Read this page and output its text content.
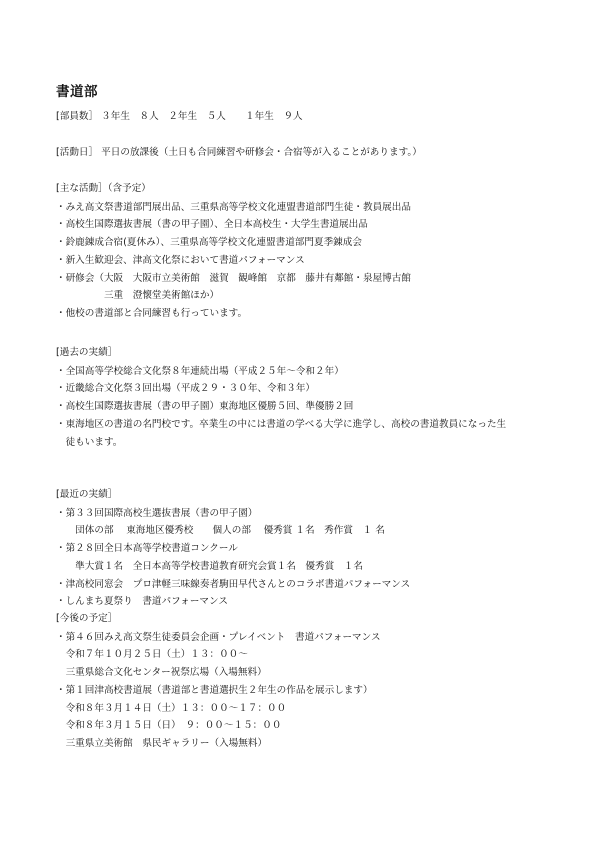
書道部
[部員数］ ３年生　８人　２年生　５人　　１年生　９人
[活動日］ 平日の放課後（土日も合同練習や研修会・合宿等が入ることがあります。）
[主な活動］（含予定）
・みえ高文祭書道部門展出品、三重県高等学校文化連盟書道部門生徒・教員展出品
・高校生国際選抜書展（書の甲子園）、全日本高校生・大学生書道展出品
・鈴鹿錬成合宿(夏休み）、三重県高等学校文化連盟書道部門夏季錬成会
・新入生歓迎会、津高文化祭において書道パフォーマンス
・研修会（大阪　大阪市立美術館　滋賀　観峰館　京都　藤井有鄰館・泉屋博古館
　　　　　三重　澄懐堂美術館ほか）
・他校の書道部と合同練習も行っています。
[過去の実績］
・全国高等学校総合文化祭８年連続出場（平成２５年～令和２年）
・近畿総合文化祭３回出場（平成２９・３０年、令和３年）
・高校生国際選抜書展（書の甲子園）東海地区優勝５回、準優勝２回
・東海地区の書道の名門校です。卒業生の中には書道の学べる大学に進学し、高校の書道教員になった生
　徒もいます。
[最近の実績］
・第３３回国際高校生選抜書展（書の甲子園）
　　団体の部　 東海地区優秀校　　個人の部　 優秀賞 １名　秀作賞　１ 名
・第２８回全日本高等学校書道コンクール
　　準大賞１名　全日本高等学校書道教育研究会賞１名　優秀賞　１名
・津高校同窓会　プロ津軽三味線奏者駒田早代さんとのコラボ書道パフォーマンス
・しんまち夏祭り　書道パフォーマンス
[今後の予定］
・第４６回みえ高文祭生徒委員会企画・プレイベント　書道パフォーマンス
　令和７年１０月２５日（土）１３：００～
　三重県総合文化センター祝祭広場（入場無料）
・第１回津高校書道展（書道部と書道選択生２年生の作品を展示します）
　令和８年３月１４日（土）１３：００～１７：００
　令和８年３月１５日（日）　９：００～１５：００
　三重県立美術館　県民ギャラリー（入場無料）
